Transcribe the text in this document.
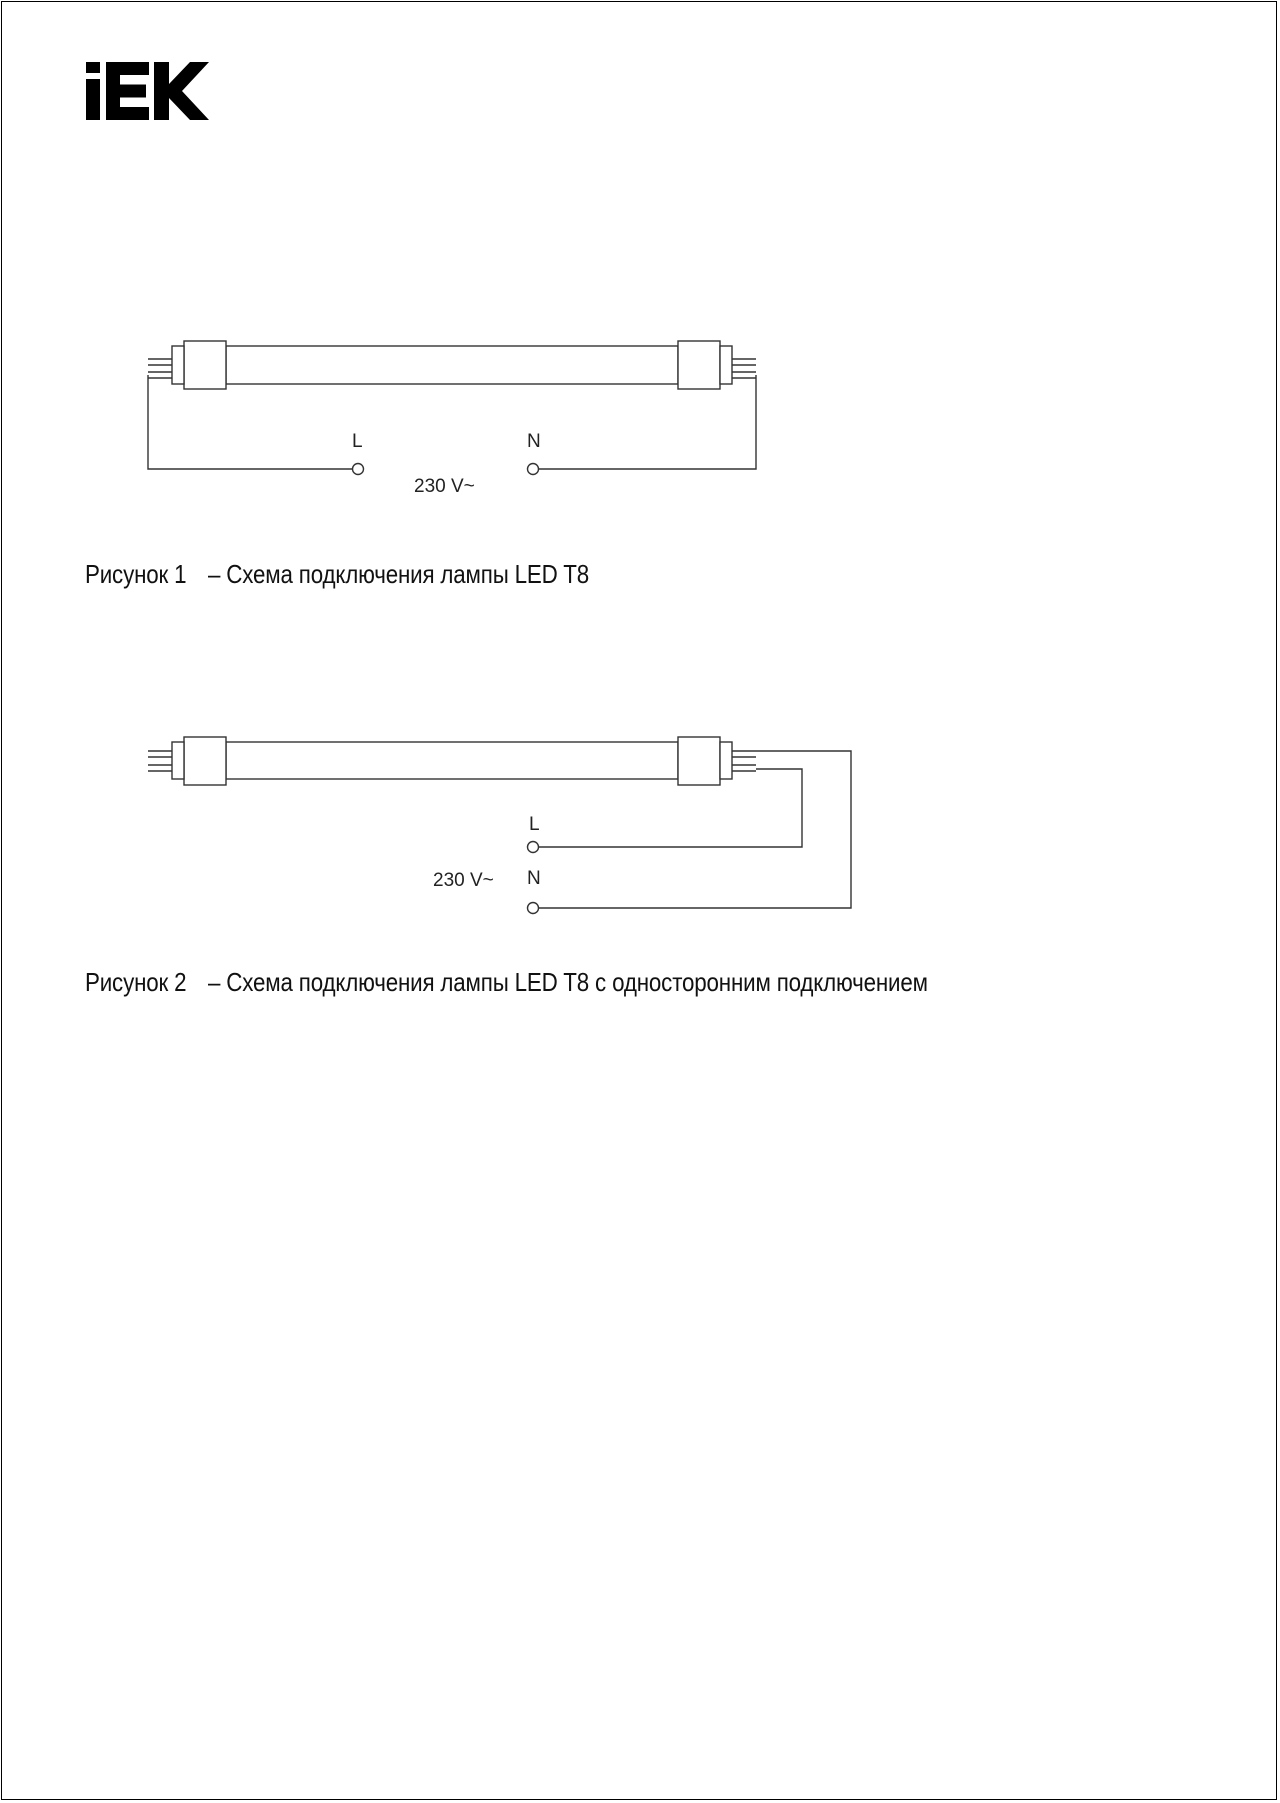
L	N
230 V~
L
N
230 V~
Рисунок 1 – Схема подключения лампы LED T8
Рисунок 2 – Схема подключения лампы LED T8 с односторонним подключением
